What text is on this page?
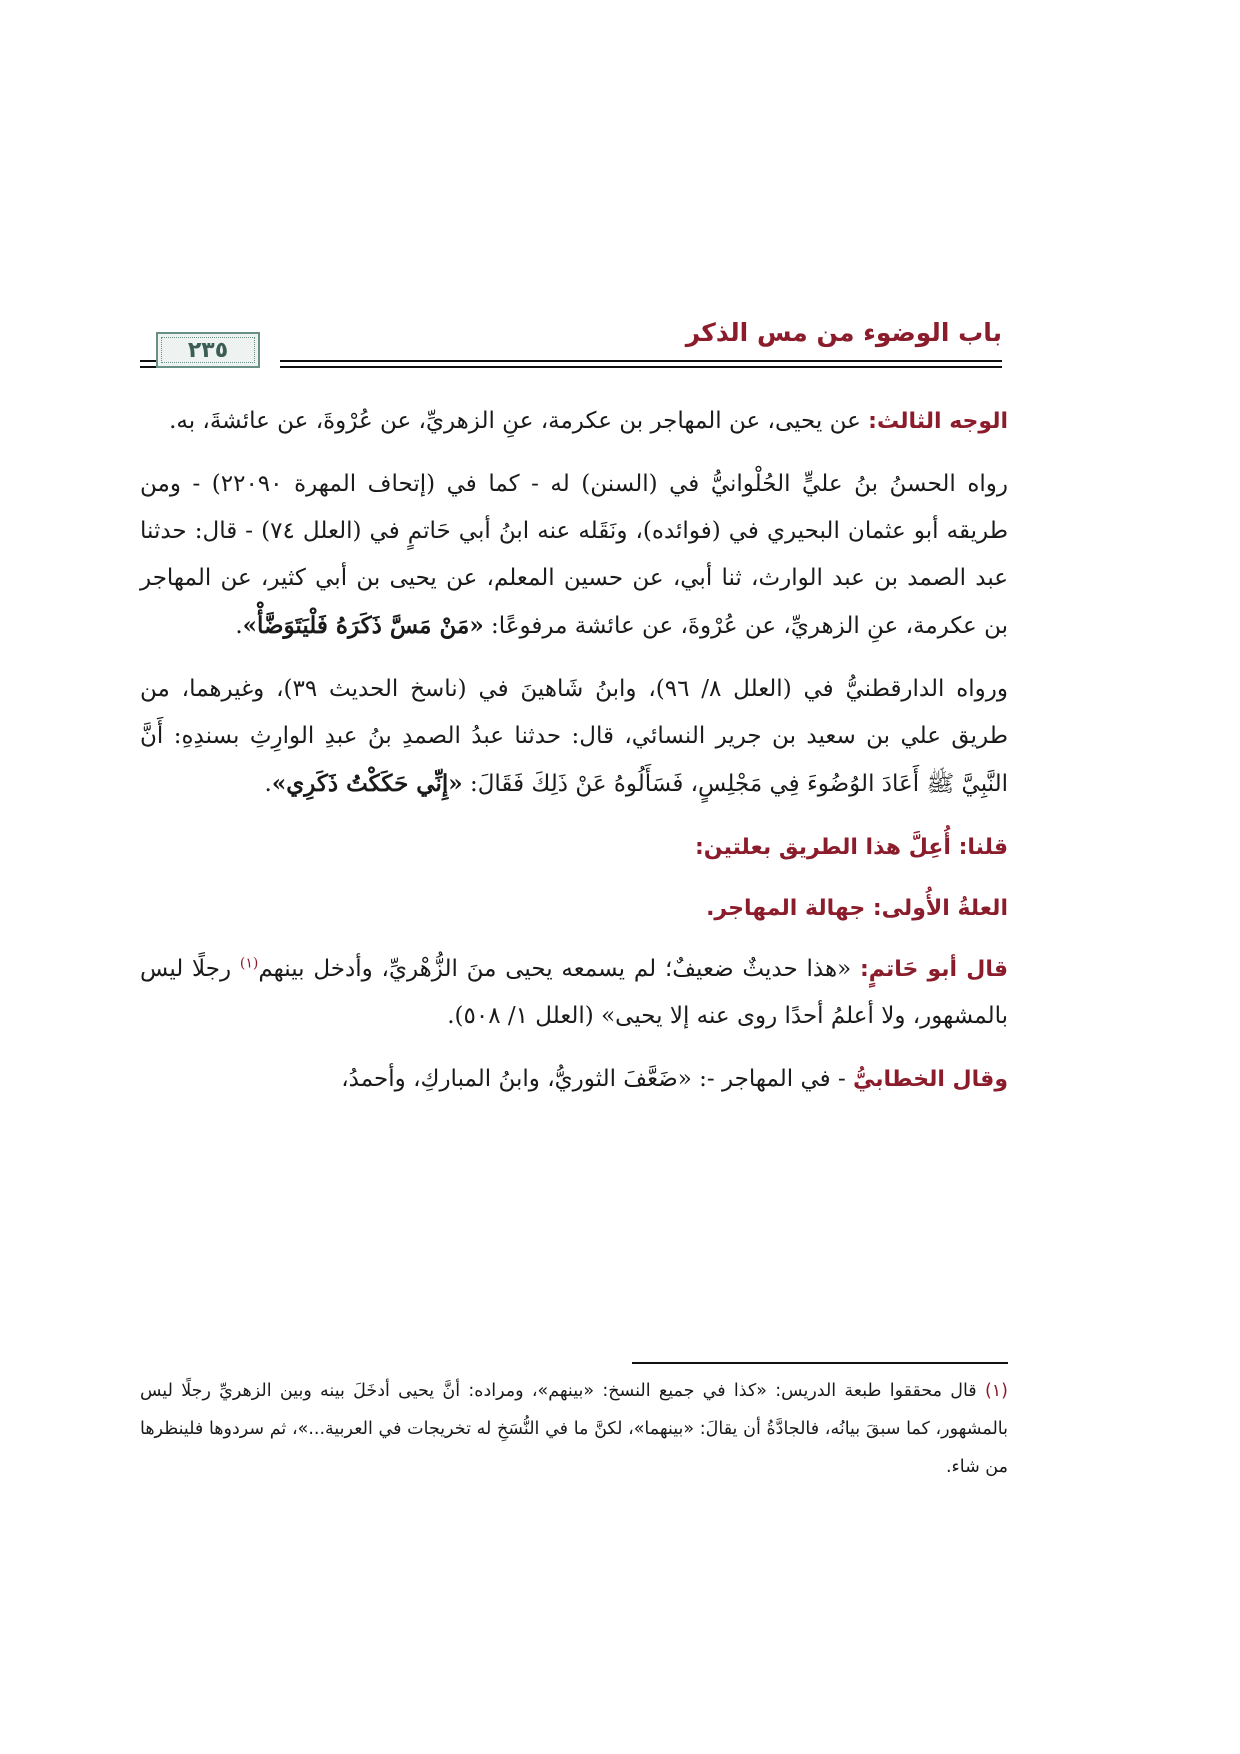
باب الوضوء من مس الذكر
٢٣٥

الوجه الثالث: عن يحيى، عن المهاجر بن عكرمة، عنِ الزهريِّ، عن عُرْوةَ، عن عائشةَ، به.

رواه الحسنُ بنُ عليٍّ الحُلْوانيُّ في (السنن) له - كما في (إتحاف المهرة ٢٢٠٩٠) - ومن طريقه أبو عثمان البحيري في (فوائده)، ونَقَله عنه ابنُ أبي حَاتمٍ في (العلل ٧٤) - قال: حدثنا عبد الصمد بن عبد الوارث، ثنا أبي، عن حسين المعلم، عن يحيى بن أبي كثير، عن المهاجر بن عكرمة، عنِ الزهريِّ، عن عُرْوةَ، عن عائشة مرفوعًا: «مَنْ مَسَّ ذَكَرَهُ فَلْيَتَوَضَّأْ».

ورواه الدارقطنيُّ في (العلل ٨/ ٩٦)، وابنُ شَاهينَ في (ناسخ الحديث ٣٩)، وغيرهما، من طريق علي بن سعيد بن جرير النسائي، قال: حدثنا عبدُ الصمدِ بنُ عبدِ الوارِثِ بسندِهِ: أَنَّ النَّبِيَّ ﷺ أَعَادَ الوُضُوءَ فِي مَجْلِسٍ، فَسَأَلُوهُ عَنْ ذَلِكَ فَقَالَ: «إِنِّي حَكَكْتُ ذَكَرِي».

قلنا: أُعِلَّ هذا الطريق بعلتين:
العلةُ الأُولى: جهالة المهاجر.

قال أبو حَاتمٍ: «هذا حديثٌ ضعيفٌ؛ لم يسمعه يحيى منَ الزُّهْريِّ، وأدخل بينهم$^{(١)}$ رجلًا ليس بالمشهور، ولا أعلمُ أحدًا روى عنه إلا يحيى» (العلل ١/ ٥٠٨).

وقال الخطابيُّ - في المهاجر -: «ضَعَّفَ الثوريُّ، وابنُ المباركِ، وأحمدُ،

(١) قال محققوا طبعة الدريس: «كذا في جميع النسخ: «بينهم»، ومراده: أنَّ يحيى أدخَلَ بينه وبين الزهريِّ رجلًا ليس بالمشهور، كما سبقَ بيانُه، فالجادَّةُ أن يقالَ: «بينهما»، لكنَّ ما في النُّسَخِ له تخريجات في العربية...»، ثم سردوها فلينظرها من شاء.
